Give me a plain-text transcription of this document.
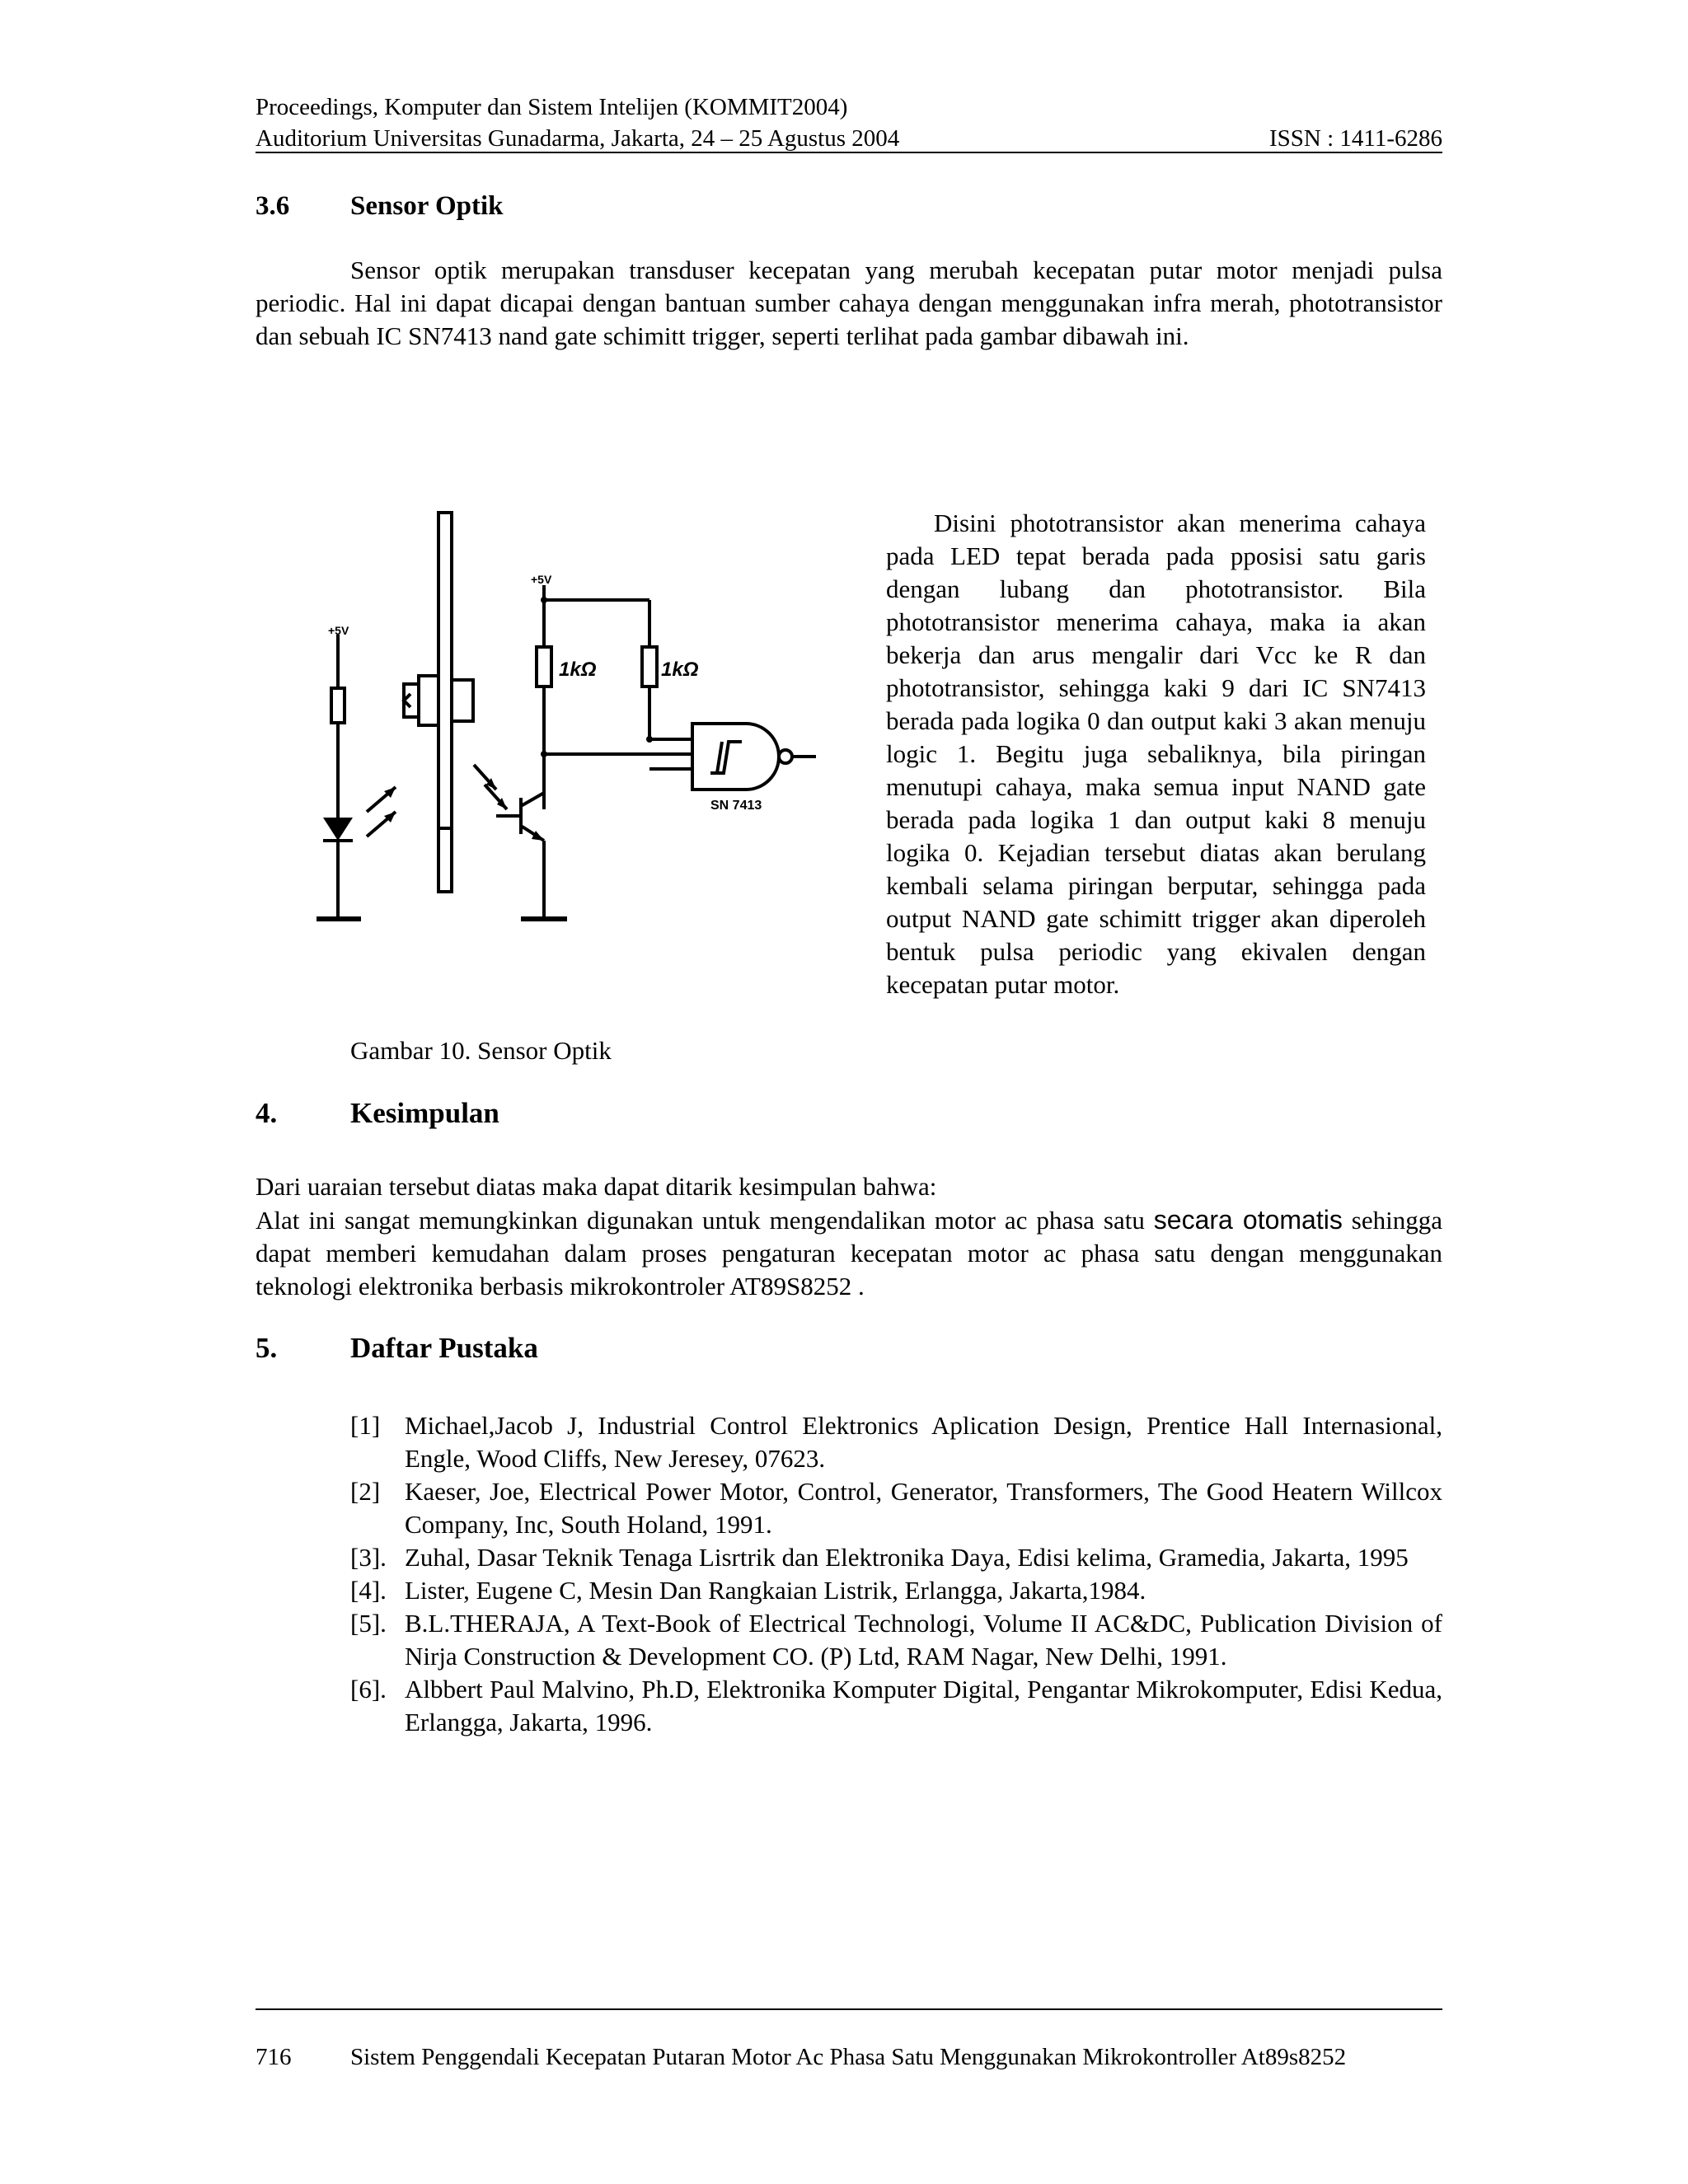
Proceedings, Komputer dan Sistem Intelijen (KOMMIT2004)
Auditorium Universitas Gunadarma, Jakarta, 24 – 25 Agustus 2004	ISSN : 1411-6286
3.6 Sensor Optik
Sensor optik merupakan transduser kecepatan yang merubah kecepatan putar motor menjadi pulsa periodic. Hal ini dapat dicapai dengan bantuan sumber cahaya dengan menggunakan infra merah, phototransistor dan sebuah IC SN7413 nand gate schimitt trigger, seperti terlihat pada gambar dibawah ini.
+5V
+5V
1kΩ	1kΩ
SN 7413
Disini phototransistor akan menerima cahaya pada LED tepat berada pada pposisi satu garis dengan lubang dan phototransistor. Bila phototransistor menerima cahaya, maka ia akan bekerja dan arus mengalir dari Vcc ke R dan phototransistor, sehingga kaki 9 dari IC SN7413 berada pada logika 0 dan output kaki 3 akan menuju logic 1. Begitu juga sebaliknya, bila piringan menutupi cahaya, maka semua input NAND gate berada pada logika 1 dan output kaki 8 menuju logika 0. Kejadian tersebut diatas akan berulang kembali selama piringan berputar, sehingga pada output NAND gate schimitt trigger akan diperoleh bentuk pulsa periodic yang ekivalen dengan kecepatan putar motor.
Gambar 10. Sensor Optik
4.	Kesimpulan
Dari uaraian tersebut diatas maka dapat ditarik kesimpulan bahwa:
Alat ini sangat memungkinkan digunakan untuk mengendalikan motor ac phasa satu secara otomatis sehingga dapat memberi kemudahan dalam proses pengaturan kecepatan motor ac phasa satu dengan menggunakan teknologi elektronika berbasis mikrokontroler AT89S8252 .
5.	Daftar Pustaka
[1] Michael,Jacob J, Industrial Control Elektronics Aplication Design, Prentice Hall Internasional, Engle, Wood Cliffs, New Jeresey, 07623.
[2] Kaeser, Joe, Electrical Power Motor, Control, Generator, Transformers, The Good Heatern Willcox Company, Inc, South Holand, 1991.
[3]. Zuhal, Dasar Teknik Tenaga Lisrtrik dan Elektronika Daya, Edisi kelima, Gramedia, Jakarta, 1995
[4]. Lister, Eugene C, Mesin Dan Rangkaian Listrik, Erlangga, Jakarta,1984.
[5]. B.L.THERAJA, A Text-Book of Electrical Technologi, Volume II AC&DC, Publication Division of Nirja Construction & Development CO. (P) Ltd, RAM Nagar, New Delhi, 1991.
[6]. Albbert Paul Malvino, Ph.D, Elektronika Komputer Digital, Pengantar Mikrokomputer, Edisi Kedua, Erlangga, Jakarta, 1996.
716	Sistem Penggendali Kecepatan Putaran Motor Ac Phasa Satu Menggunakan Mikrokontroller At89s8252
